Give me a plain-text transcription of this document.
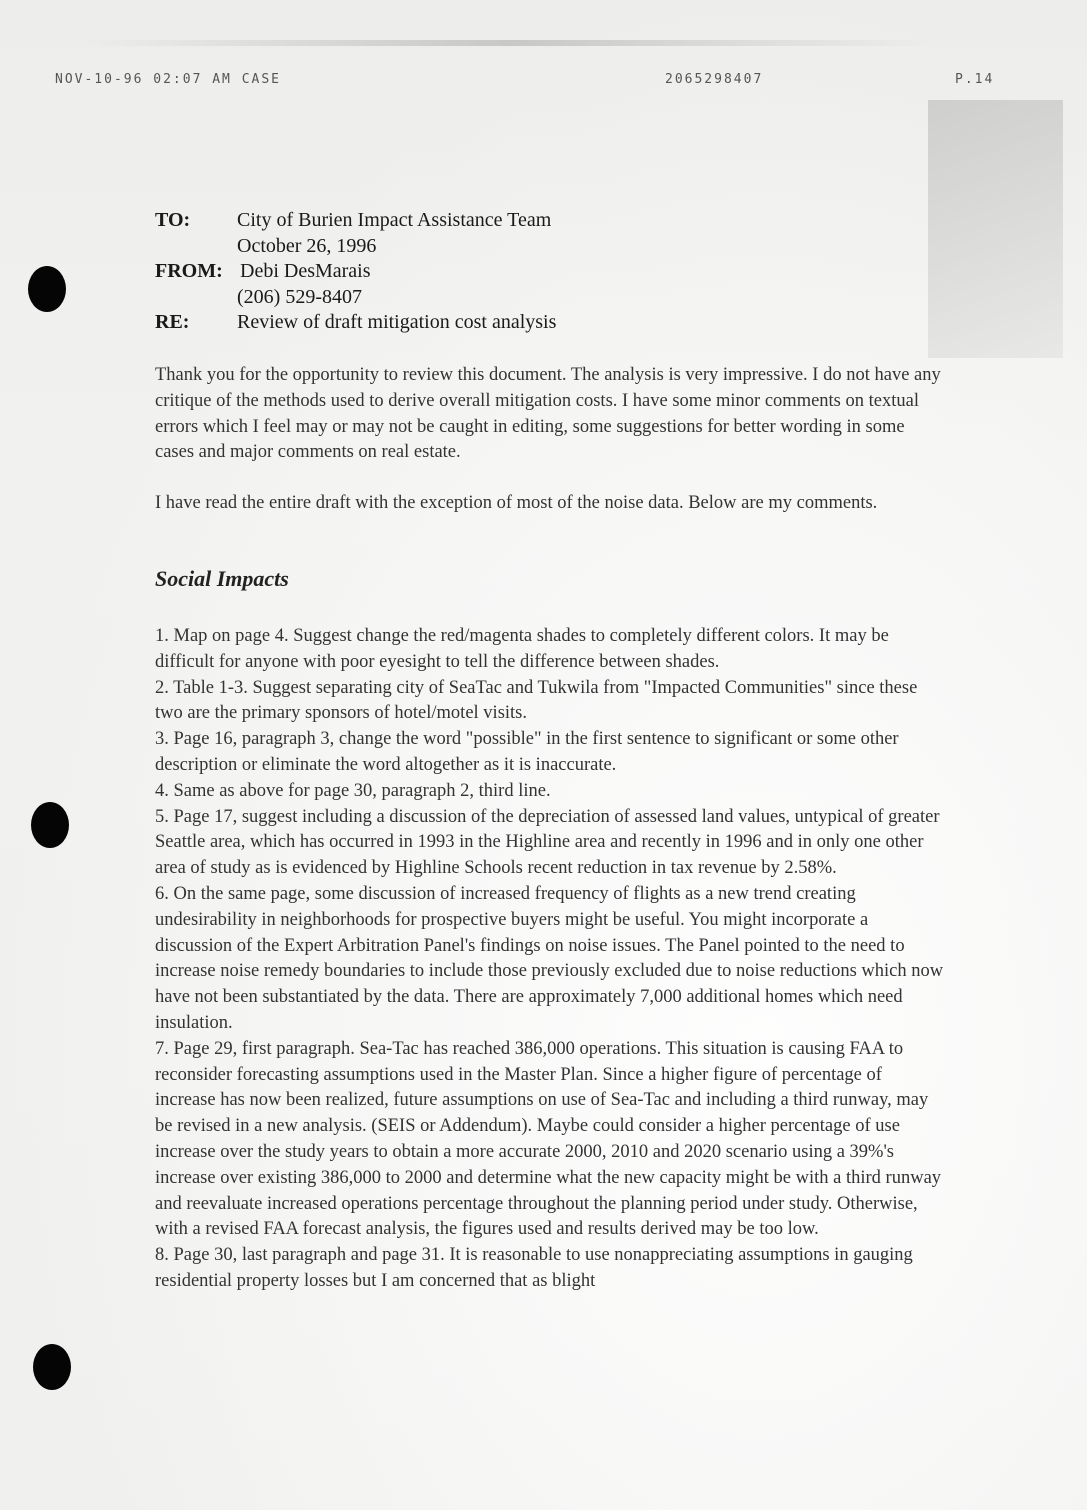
NOV-10-96 02:07 AM CASE	2065298407	P.14
TO:	City of Burien Impact Assistance Team
October 26, 1996
FROM: Debi DesMarais
(206) 529-8407
RE:	Review of draft mitigation cost analysis
Thank you for the opportunity to review this document. The analysis is very impressive. I do not have any critique of the methods used to derive overall mitigation costs. I have some minor comments on textual errors which I feel may or may not be caught in editing, some suggestions for better wording in some cases and major comments on real estate.
I have read the entire draft with the exception of most of the noise data. Below are my comments.
Social Impacts

1. Map on page 4. Suggest change the red/magenta shades to completely different colors. It may be difficult for anyone with poor eyesight to tell the difference between shades.

2. Table 1-3. Suggest separating city of SeaTac and Tukwila from "Impacted Communities" since these two are the primary sponsors of hotel/motel visits.

3. Page 16, paragraph 3, change the word "possible" in the first sentence to significant or some other description or eliminate the word altogether as it is inaccurate.

4. Same as above for page 30, paragraph 2, third line.

5. Page 17, suggest including a discussion of the depreciation of assessed land values, untypical of greater Seattle area, which has occurred in 1993 in the Highline area and recently in 1996 and in only one other area of study as is evidenced by Highline Schools recent reduction in tax revenue by 2.58%.

6. On the same page, some discussion of increased frequency of flights as a new trend creating undesirability in neighborhoods for prospective buyers might be useful. You might incorporate a discussion of the Expert Arbitration Panel's findings on noise issues. The Panel pointed to the need to increase noise remedy boundaries to include those previously excluded due to noise reductions which now have not been substantiated by the data. There are approximately 7,000 additional homes which need insulation.

7. Page 29, first paragraph. Sea-Tac has reached 386,000 operations. This situation is causing FAA to reconsider forecasting assumptions used in the Master Plan. Since a higher figure of percentage of increase has now been realized, future assumptions on use of Sea-Tac and including a third runway, may be revised in a new analysis. (SEIS or Addendum). Maybe could consider a higher percentage of use increase over the study years to obtain a more accurate 2000, 2010 and 2020 scenario using a 39%'s increase over existing 386,000 to 2000 and determine what the new capacity might be with a third runway and reevaluate increased operations percentage throughout the planning period under study. Otherwise, with a revised FAA forecast analysis, the figures used and results derived may be too low.

8. Page 30, last paragraph and page 31. It is reasonable to use nonappreciating assumptions in gauging residential property losses but I am concerned that as blight
